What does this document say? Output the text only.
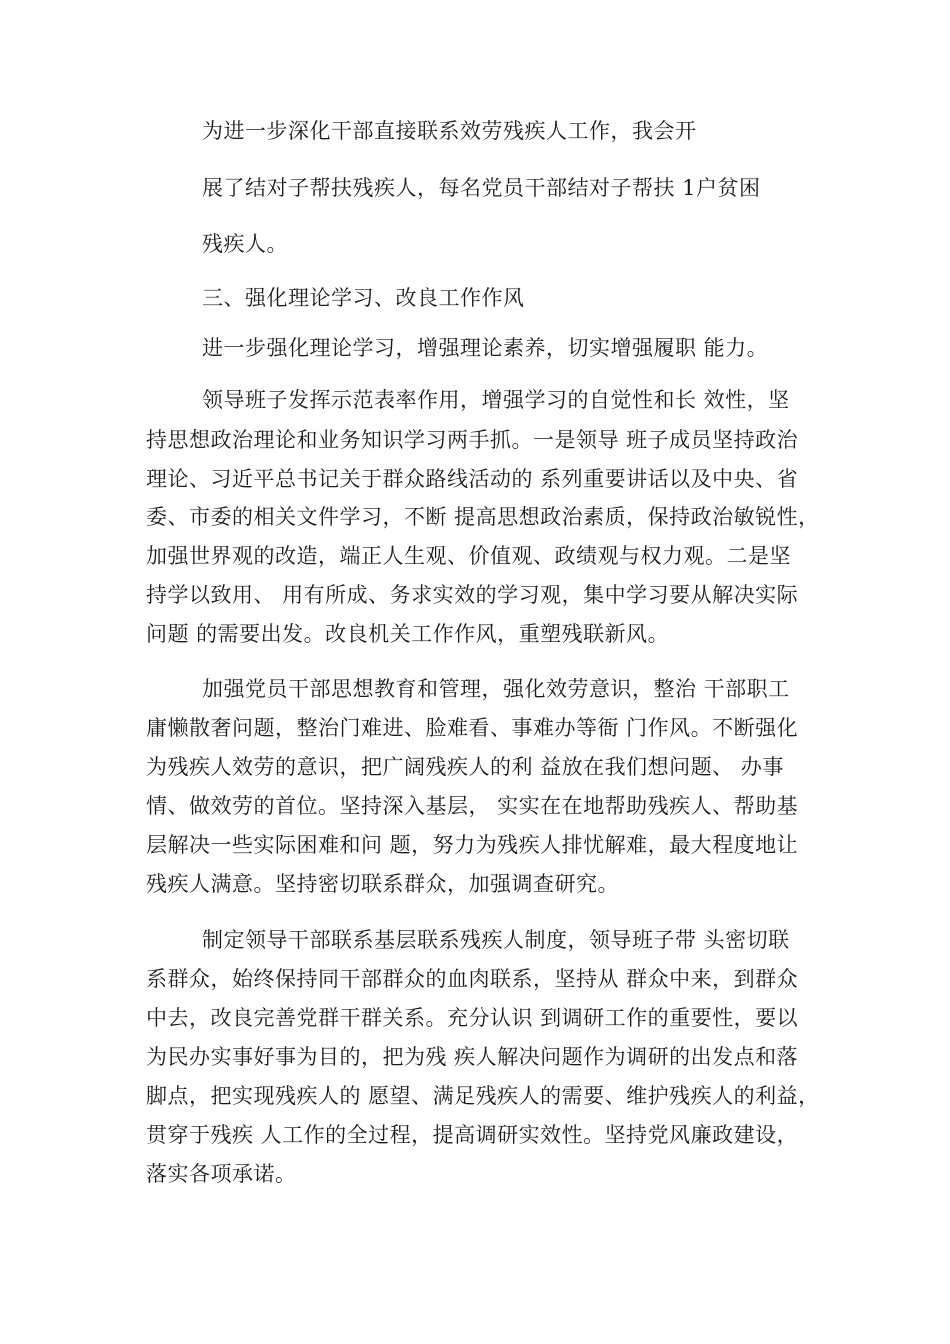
为进一步深化干部直接联系效劳残疾人工作，我会开
展了结对子帮扶残疾人，每名党员干部结对子帮扶 1户贫困
残疾人。
三、强化理论学习、改良工作作风
进一步强化理论学习，增强理论素养，切实增强履职 能力。
领导班子发挥示范表率作用，增强学习的自觉性和长 效性，坚
持思想政治理论和业务知识学习两手抓。一是领导 班子成员坚持政治
理论、习近平总书记关于群众路线活动的 系列重要讲话以及中央、省
委、市委的相关文件学习，不断 提高思想政治素质，保持政治敏锐性，
加强世界观的改造，端正人生观、价值观、政绩观与权力观。二是坚
持学以致用、 用有所成、务求实效的学习观，集中学习要从解决实际
问题 的需要出发。改良机关工作作风，重塑残联新风。
加强党员干部思想教育和管理，强化效劳意识，整治 干部职工
庸懒散奢问题，整治门难进、脸难看、事难办等衙 门作风。不断强化
为残疾人效劳的意识，把广阔残疾人的利 益放在我们想问题、 办事
情、做效劳的首位。坚持深入基层， 实实在在地帮助残疾人、帮助基
层解决一些实际困难和问 题，努力为残疾人排忧解难，最大程度地让
残疾人满意。坚持密切联系群众，加强调查研究。
制定领导干部联系基层联系残疾人制度，领导班子带 头密切联
系群众，始终保持同干部群众的血肉联系，坚持从 群众中来，到群众
中去，改良完善党群干群关系。充分认识 到调研工作的重要性，要以
为民办实事好事为目的，把为残 疾人解决问题作为调研的出发点和落
脚点，把实现残疾人的 愿望、满足残疾人的需要、维护残疾人的利益，
贯穿于残疾 人工作的全过程，提高调研实效性。坚持党风廉政建设，
落实各项承诺。
